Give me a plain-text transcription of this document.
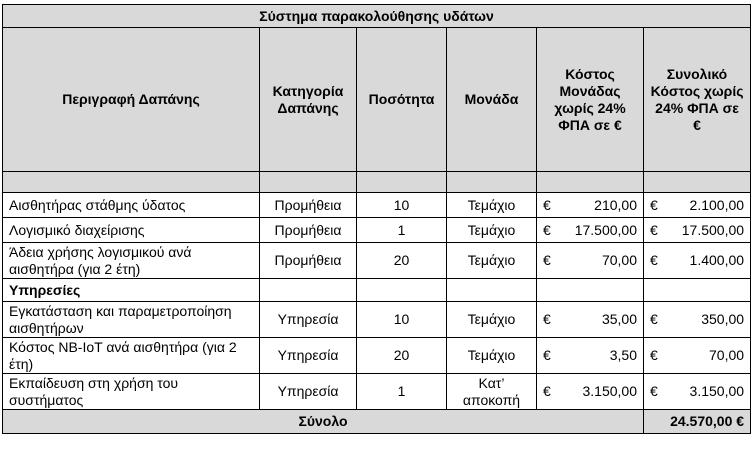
Σύστημα παρακολούθησης υδάτων					
Περιγραφή Δαπάνης	Κατηγορία Δαπάνης	Ποσότητα	Μονάδα	Κόστος Μονάδας χωρίς 24% ΦΠΑ σε €	Συνολικό Κόστος χωρίς 24% ΦΠΑ σε €

Αισθητήρας στάθμης ύδατος	Προμήθεια	10	Τεμάχιο	€ 210,00	€ 2.100,00

Λογισμικό διαχείρισης	Προμήθεια	1	Τεμάχιο	€ 17.500,00	€ 17.500,00

Άδεια χρήσης λογισμικού ανά αισθητήρα (για 2 έτη)	Προμήθεια	20	Τεμάχιο	€ 70,00	€ 1.400,00

Υπηρεσίες					
Εγκατάσταση και παραμετροποίηση αισθητήρων	Υπηρεσία	10	Τεμάχιο	€ 35,00	€ 350,00

Κόστος NB-IoT ανά αισθητήρα (για 2 έτη)	Υπηρεσία	20	Τεμάχιο	€ 3,50	€ 70,00

Εκπαίδευση στη χρήση του συστήματος	Υπηρεσία	1	Κατ’ αποκοπή	€ 3.150,00	€ 3.150,00

Σύνολο					24.570,00 €
